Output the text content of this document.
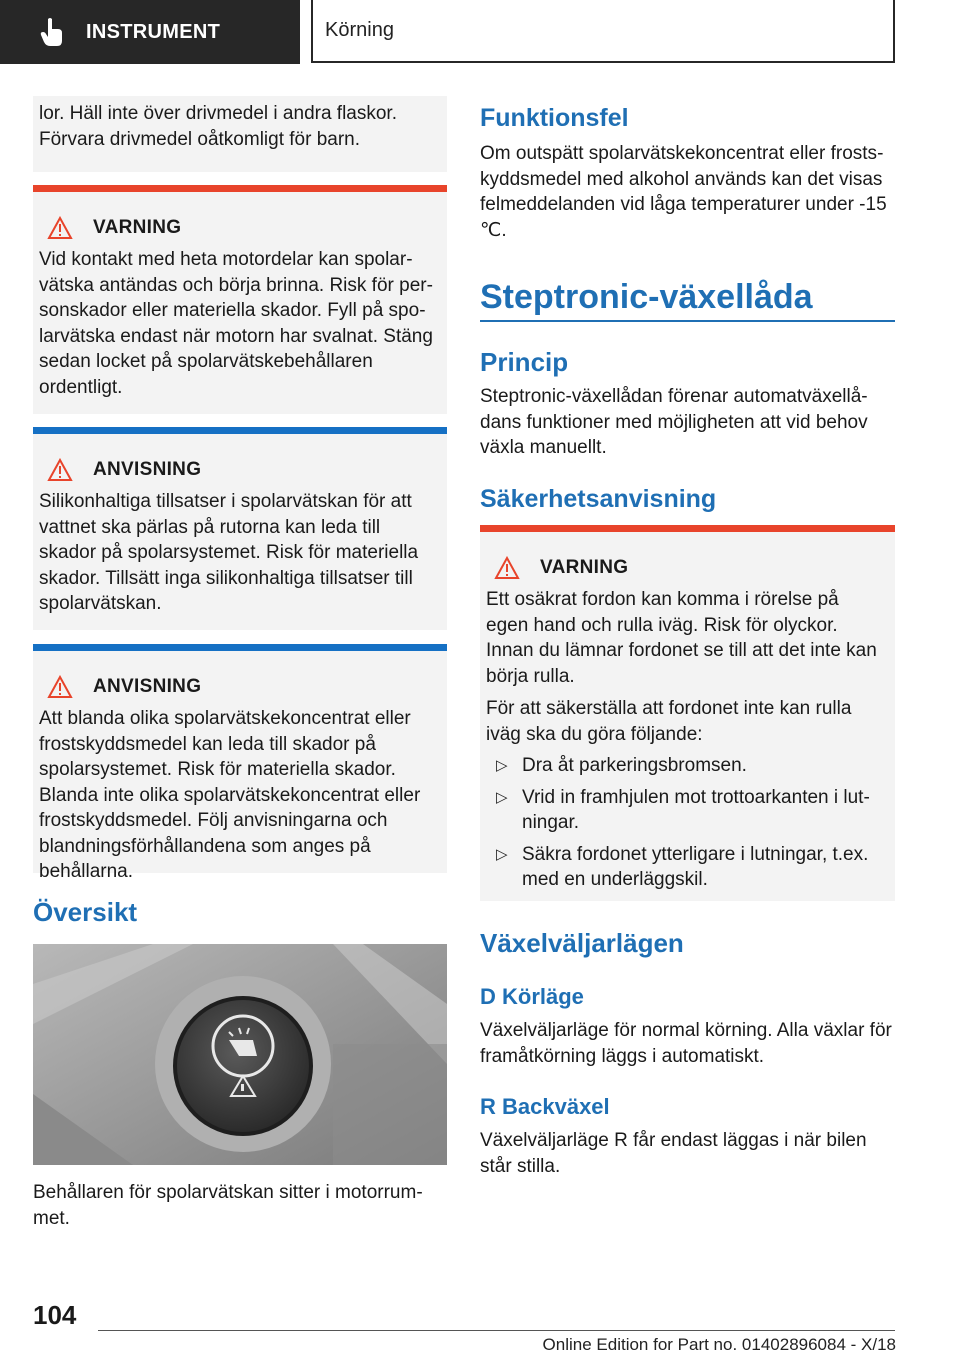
INSTRUMENT	Körning

lor. Häll inte över drivmedel i andra flaskor. Förvara drivmedel oåtkomligt för barn.

VARNING

Vid kontakt med heta motordelar kan spolarvätska antändas och börja brinna. Risk för personskador eller materiella skador. Fyll på spolarvätska endast när motorn har svalnat. Stäng sedan locket på spolarvätskebehållaren ordentligt.

ANVISNING

Silikonhaltiga tillsatser i spolarvätskan för att vattnet ska pärlas på rutorna kan leda till skador på spolarsystemet. Risk för materiella skador. Tillsätt inga silikonhaltiga tillsatser till spolarvätskan.

ANVISNING

Att blanda olika spolarvätskekoncentrat eller frostskyddsmedel kan leda till skador på spolarsystemet. Risk för materiella skador. Blanda inte olika spolarvätskekoncentrat eller frostskyddsmedel. Följ anvisningarna och blandningsförhållandena som anges på behållarna.

Översikt

Behållaren för spolarvätskan sitter i motorrummet.

Funktionsfel

Om outspätt spolarvätskekoncentrat eller frostskyddsmedel med alkohol används kan det visas felmeddelanden vid låga temperaturer under ‑15 ℃.

Steptronic-växellåda
Princip

Steptronic-växellådan förenar automatväxellådans funktioner med möjligheten att vid behov växla manuellt.

Säkerhetsanvisning
VARNING

Ett osäkrat fordon kan komma i rörelse på egen hand och rulla iväg. Risk för olyckor. Innan du lämnar fordonet se till att det inte kan börja rulla.

För att säkerställa att fordonet inte kan rulla iväg ska du göra följande:

▷ Dra åt parkeringsbromsen.
▷ Vrid in framhjulen mot trottoarkanten i lutningar.
▷ Säkra fordonet ytterligare i lutningar, t.ex. med en underläggskil.
Växelväljarlägen
D Körläge

Växelväljarläge för normal körning. Alla växlar för framåtkörning läggs i automatiskt.

R Backväxel

Växelväljarläge R får endast läggas i när bilen står stilla.

104
Online Edition for Part no. 01402896084 - X/18
